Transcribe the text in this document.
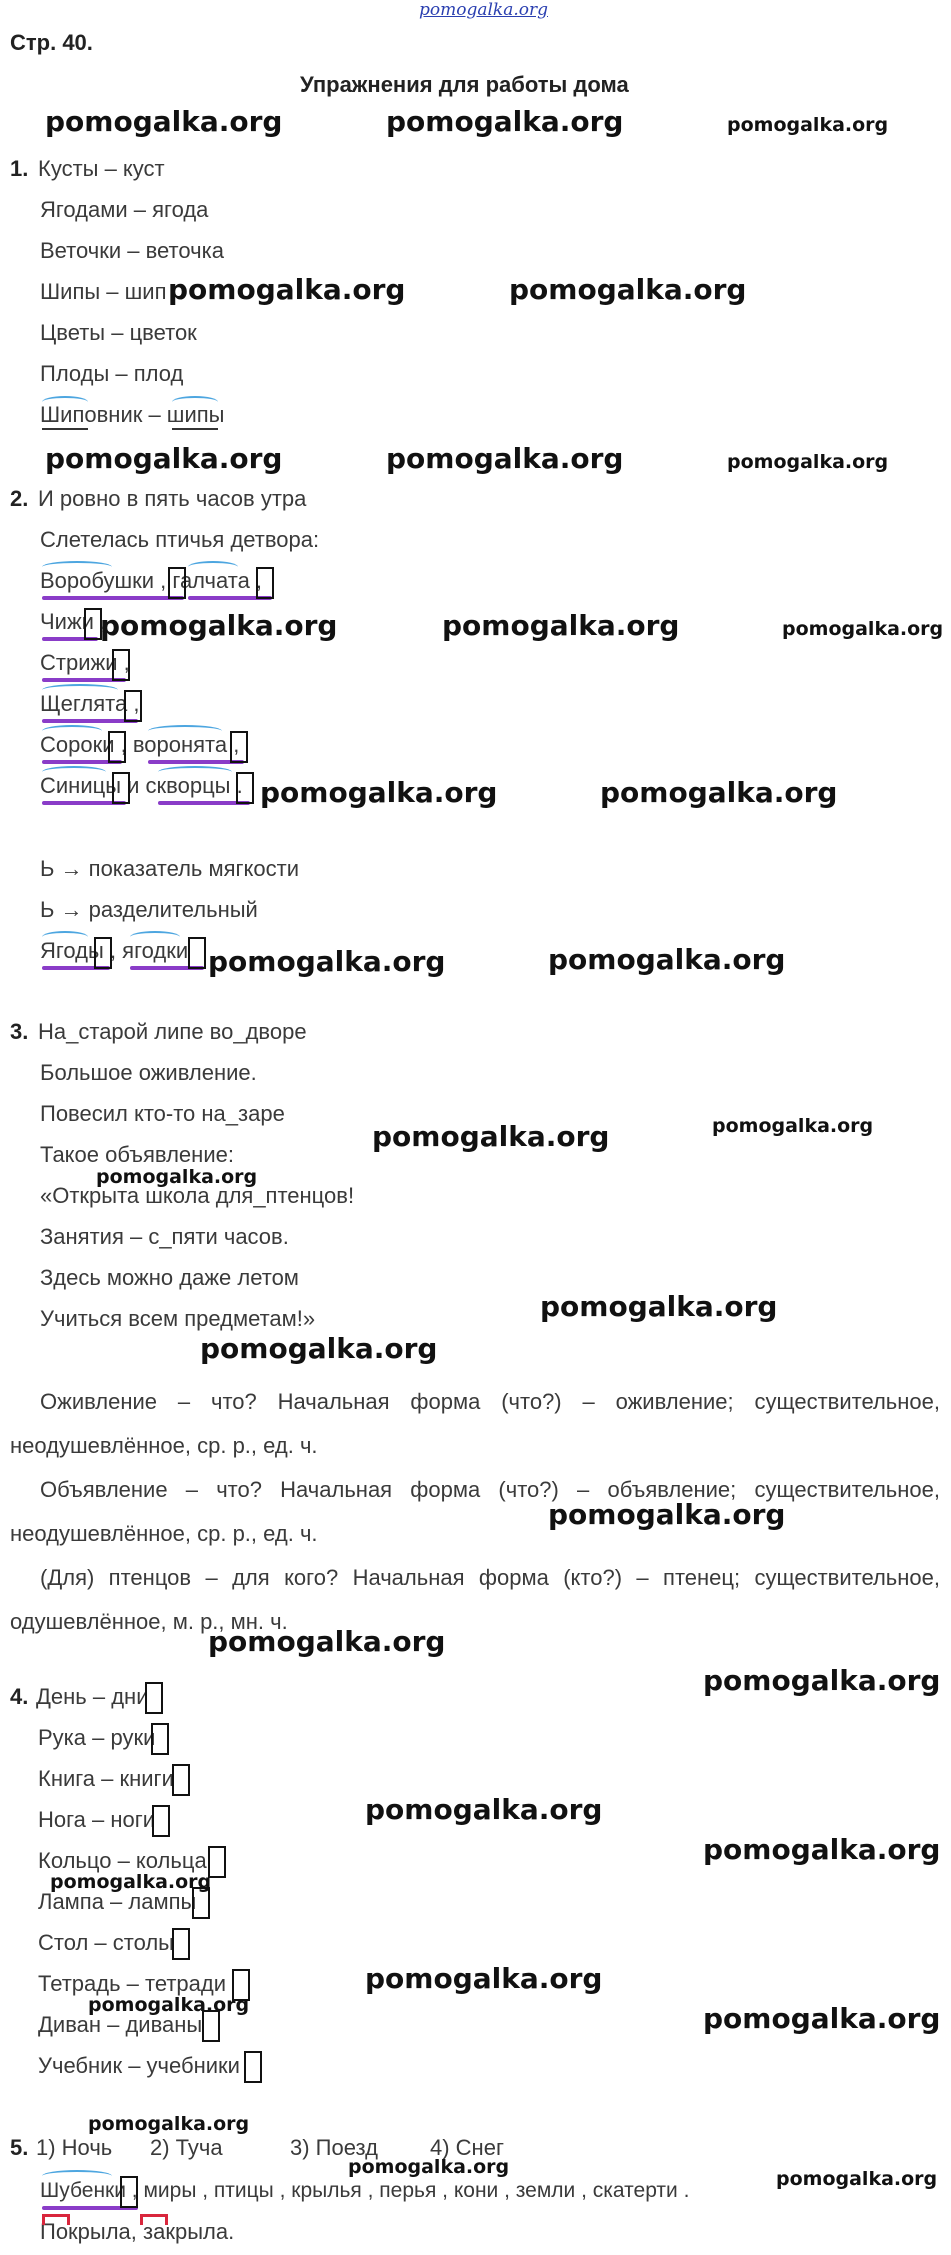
pomogalka.org
Стр. 40.
Упражнения для работы дома
pomogalka.org	pomogalka.org	pomogalka.org
1. Кусты – куст
Ягодами – ягода
Веточки – веточка
Шипы – шип pomogalka.org	pomogalka.org
Цветы – цветок
Плоды – плод
Шиповник – шипы
pomogalka.org	pomogalka.org	pomogalka.org
2. И ровно в пять часов утра
Слетелась птичья детвора:
Воробушки , галчата ,
Чижи ,
pomogalka.org	pomogalka.org	pomogalka.org
Стрижи ,
Щеглята ,
Сороки , воронята ,
Синицы и скворцы . pomogalka.org	pomogalka.org
Ь → показатель мягкости
Ь → разделительный
Ягоды , ягодки pomogalka.org	pomogalka.org
3. На_старой липе во_дворе
Большое оживление.
Повесил кто-то на_заре
Такое объявление:
pomogalka.org
pomogalka.org
pomogalka.org
«Открыта школа для_птенцов!
Занятия – с_пяти часов.
Здесь можно даже летом
Учиться всем предметам!»	pomogalka.org
pomogalka.org
Оживление – что? Начальная форма (что?) – оживление; существительное, неодушевлённое, ср. р., ед. ч.
Объявление – что? Начальная форма (что?) – объявление; существительное, неодушевлённое, ср. р., ед. ч.
pomogalka.org
(Для) птенцов – для кого? Начальная форма (кто?) – птенец; существительное, одушевлённое, м. р., мн. ч.
pomogalka.org
pomogalka.org
4. День – дни
Рука – руки
Книга – книги
Нога – ноги	pomogalka.org
Кольцо – кольца	pomogalka.org
pomogalka.org
Лампа – лампы
Стол – столы
Тетрадь – тетради	pomogalka.org
pomogalka.org
Диван – диваны	pomogalka.org
Учебник – учебники
pomogalka.org
5. 1) Ночь 2) Туча	3) Поезд 4) Снег
pomogalka.org
pomogalka.org
Шубенки , миры , птицы , крылья , перья , кони , земли , скатерти .
Покрыла, закрыла.
